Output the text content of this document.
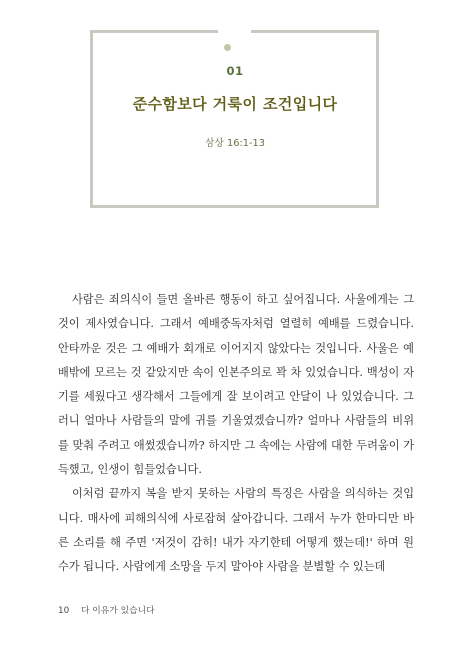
01
준수함보다 거룩이 조건입니다
삼상 16:1-13

사람은 죄의식이 들면 올바른 행동이 하고 싶어집니다. 사울에게는 그것이 제사였습니다. 그래서 예배중독자처럼 열렬히 예배를 드렸습니다. 안타까운 것은 그 예배가 회개로 이어지지 않았다는 것입니다. 사울은 예배밖에 모르는 것 같았지만 속이 인본주의로 꽉 차 있었습니다. 백성이 자기를 세웠다고 생각해서 그들에게 잘 보이려고 안달이 나 있었습니다. 그러니 얼마나 사람들의 말에 귀를 기울였겠습니까? 얼마나 사람들의 비위를 맞춰 주려고 애썼겠습니까? 하지만 그 속에는 사람에 대한 두려움이 가득했고, 인생이 힘들었습니다.

이처럼 끝까지 복을 받지 못하는 사람의 특징은 사람을 의식하는 것입니다. 매사에 피해의식에 사로잡혀 살아갑니다. 그래서 누가 한마디만 바른 소리를 해 주면 '저것이 감히! 내가 자기한테 어떻게 했는데!' 하며 원수가 됩니다. 사람에게 소망을 두지 말아야 사람을 분별할 수 있는데

10 다 이유가 있습니다
